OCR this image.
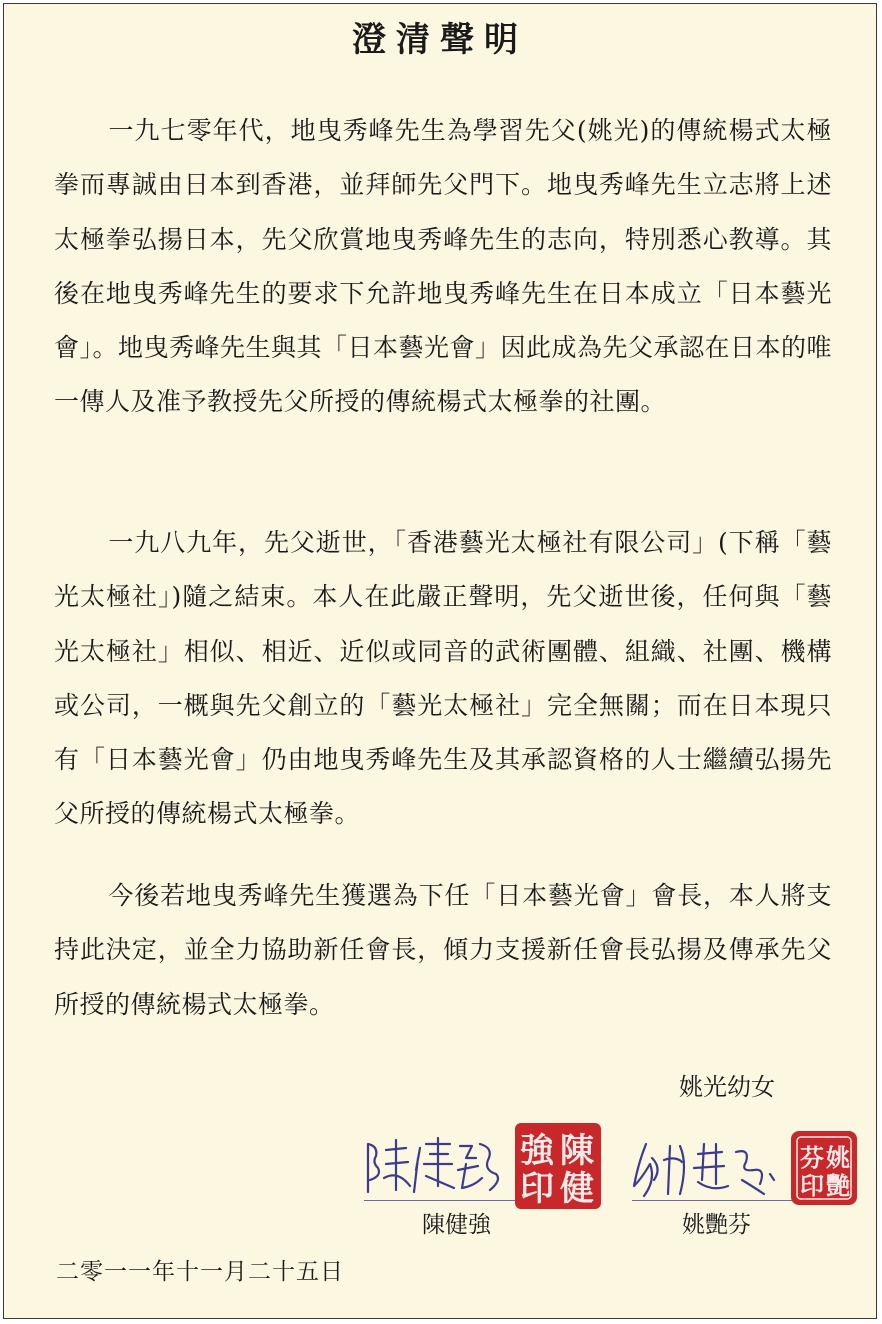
澄清聲明

一九七零年代，地曳秀峰先生為學習先父(姚光)的傳統楊式太極拳而專誠由日本到香港，並拜師先父門下。地曳秀峰先生立志將上述太極拳弘揚日本，先父欣賞地曳秀峰先生的志向，特別悉心教導。其後在地曳秀峰先生的要求下允許地曳秀峰先生在日本成立「日本藝光會」。地曳秀峰先生與其「日本藝光會」因此成為先父承認在日本的唯一傳人及准予教授先父所授的傳統楊式太極拳的社團。

一九八九年，先父逝世，「香港藝光太極社有限公司」(下稱「藝光太極社」)隨之結束。本人在此嚴正聲明，先父逝世後，任何與「藝光太極社」相似、相近、近似或同音的武術團體、組織、社團、機構或公司，一概與先父創立的「藝光太極社」完全無關；而在日本現只有「日本藝光會」仍由地曳秀峰先生及其承認資格的人士繼續弘揚先父所授的傳統楊式太極拳。

今後若地曳秀峰先生獲選為下任「日本藝光會」會長，本人將支持此決定，並全力協助新任會長，傾力支援新任會長弘揚及傳承先父所授的傳統楊式太極拳。

姚光幼女
陳
健
強
印
陳健強
姚
艷
芬
印
姚艷芬
二零一一年十一月二十五日
